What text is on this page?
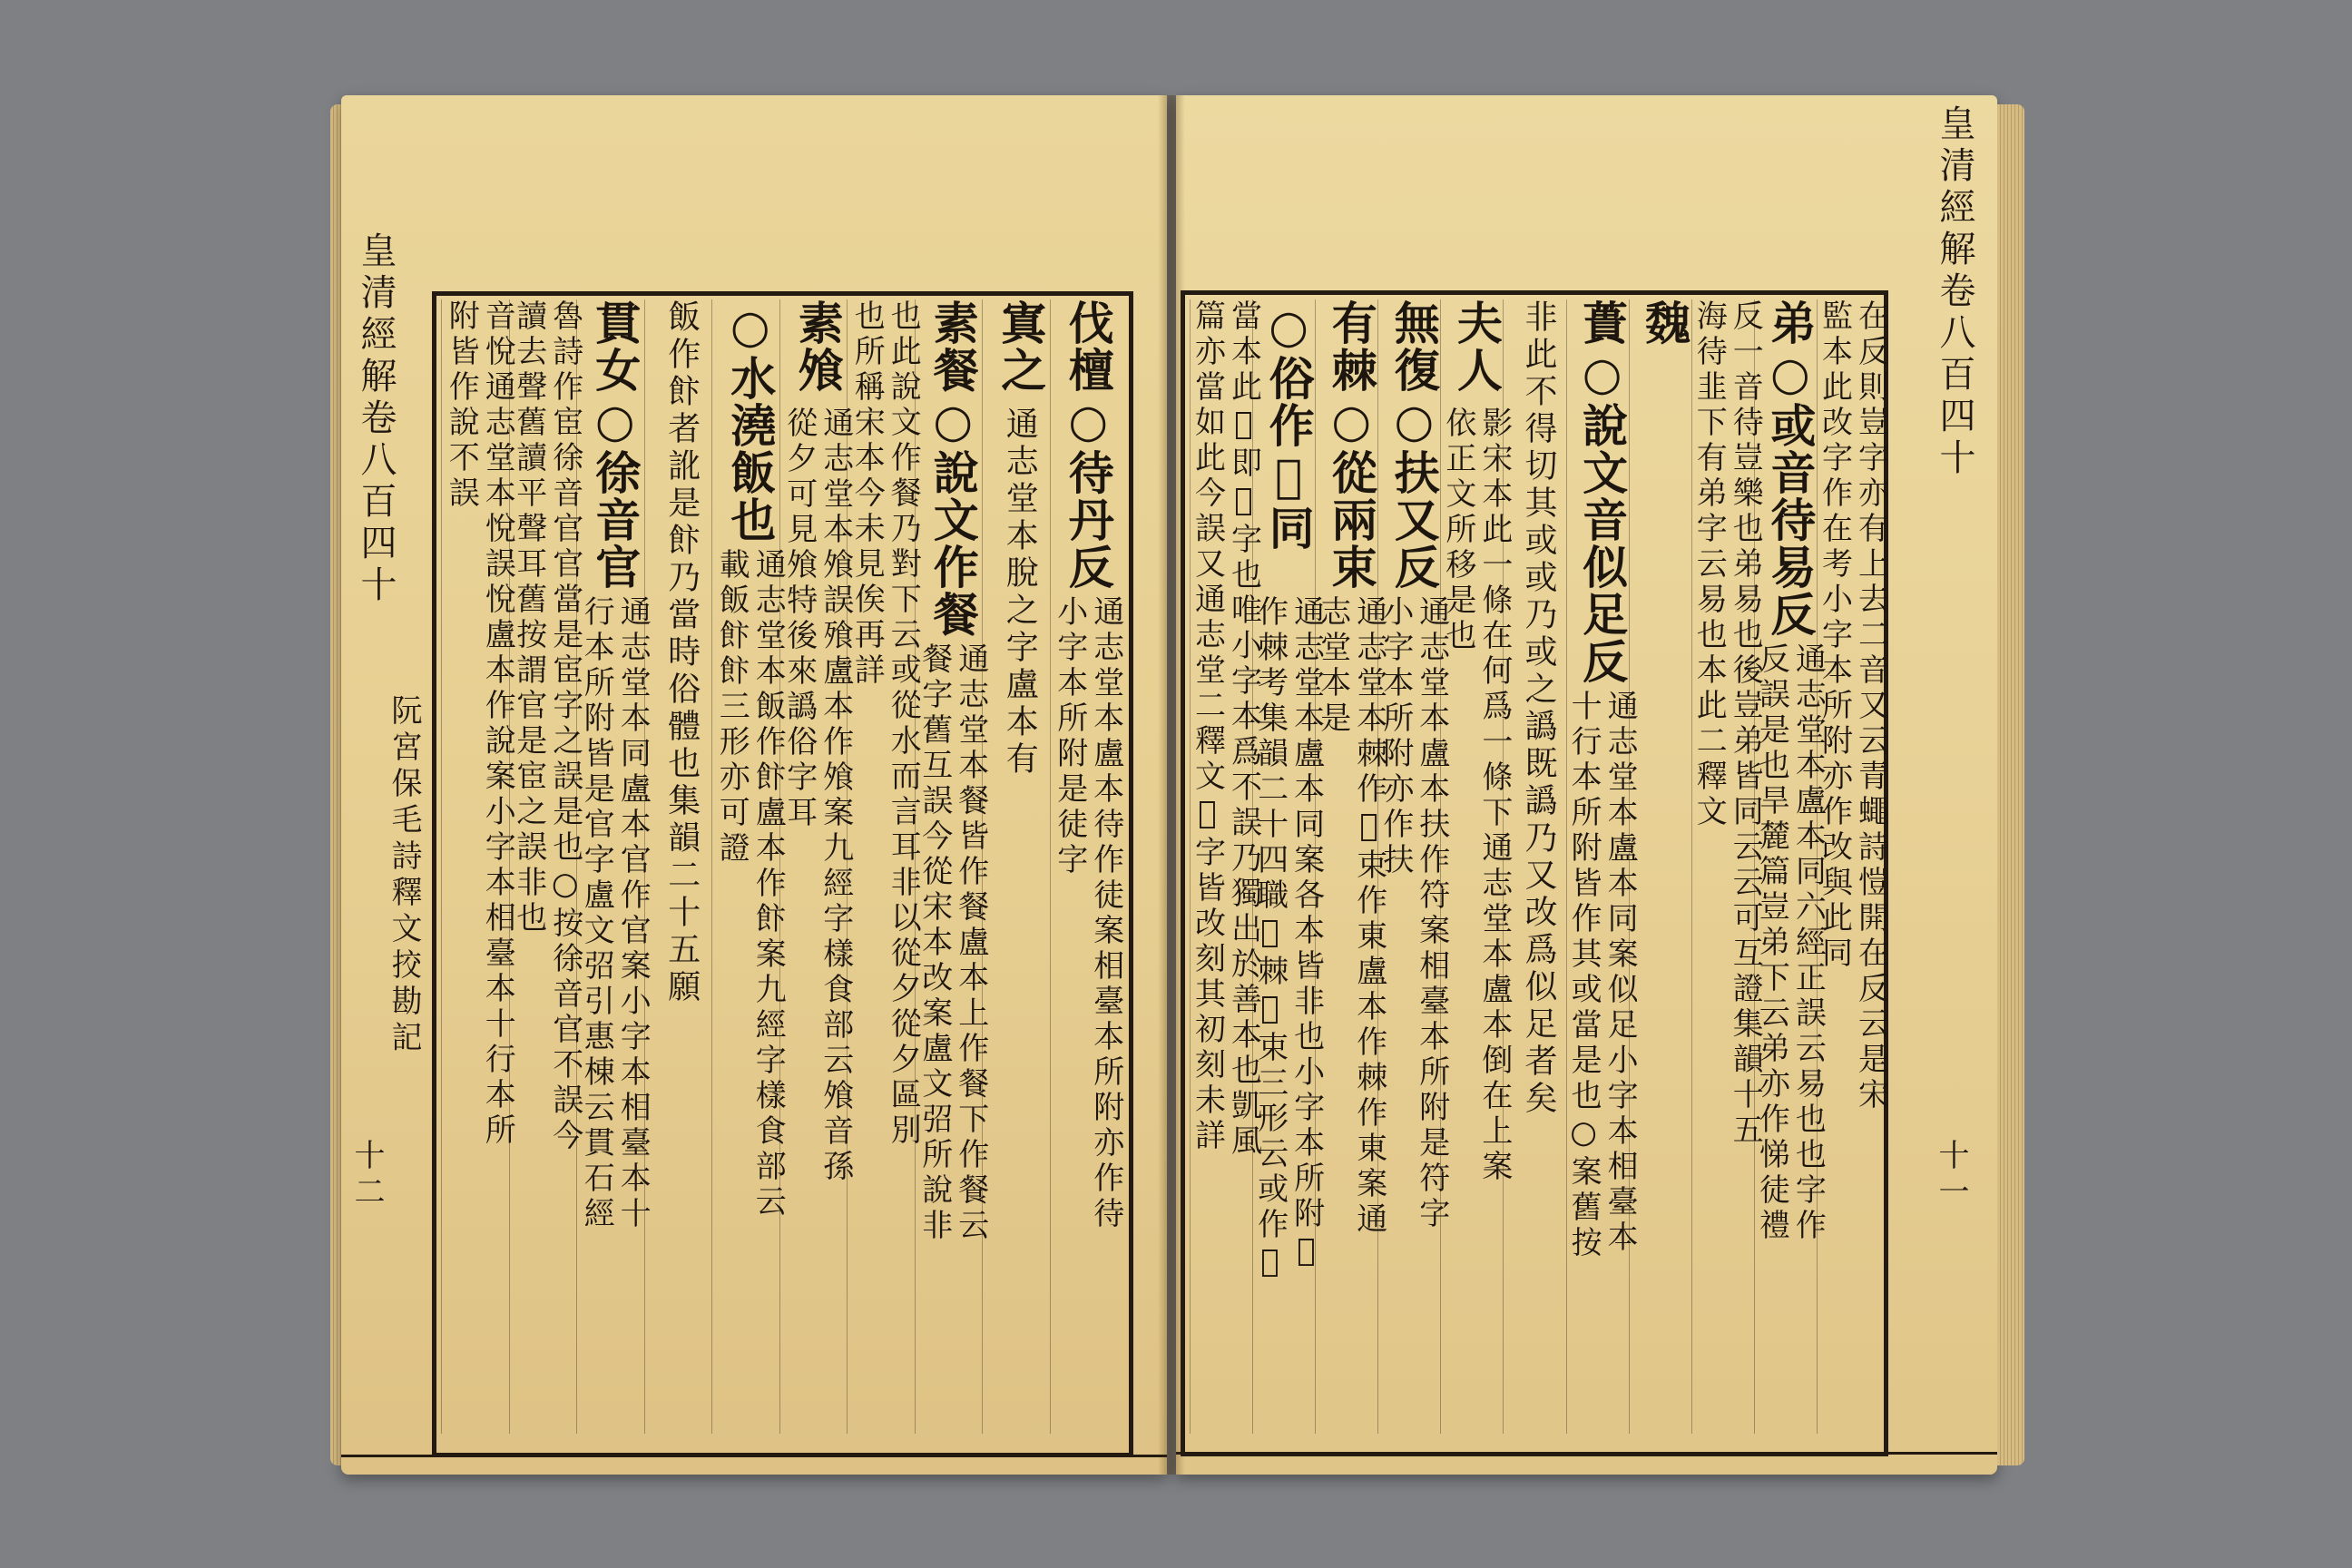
皇清經解卷八百四十
阮宮保毛詩釋文挍勘記
十二
皇清經解卷八百四十
十一
伐檀○待丹反
通志堂本盧本待作徒案相臺本所附亦作待
小字本所附是徒字
寘之
通志堂本脫之字盧本有
素餐○說文作餐
通志堂本餐皆作餐盧本上作餐下作餐云
餐字舊互誤今從宋本改案盧文弨所說非
也此說文作餐乃對下云或從水而言耳非以從夕從夕區別
也所稱宋本今未見俟再詳
素飧
通志堂本飧誤飱盧本作飧案九經字樣食部云飧音孫
從夕可見飧特後來譌俗字耳
○水澆飯也
通志堂本飯作飰盧本作飰案九經字樣食部云
載飯飰飰三形亦可證
飯作飰者訛是飰乃當時俗體也集韻二十五願
貫女○徐音官
通志堂本同盧本官作官案小字本相臺本十
行本所附皆是官字盧文弨引惠棟云貫石經
魯詩作宦徐音官官當是宦字之誤是也○按徐音官不誤今
讀去聲舊讀平聲耳舊按謂官是宦之誤非也
音悅通志堂本悅誤悅盧本作說案小字本相臺本十行本所
附皆作說不誤	在反則豈字亦有上去二音又云青蠅詩愷開在反云是宋
監本此改字作在考小字本所附亦作改與此同
弟○或音待易反
通志堂本盧本同六經正誤云易也也字作
反誤是也旱麓篇豈弟下云弟亦作悌徒禮
反一音待豈樂也弟易也後豈弟皆同云云可互證集韻十五
海待韭下有弟字云易也本此二釋文
魏
蕢○說文音似足反
通志堂本盧本同案似足小字本相臺本
十行本所附皆作其或當是也○案舊按
非此不得切其或或乃或之譌既譌乃又改爲似足者矣
夫人
影宋本此一條在何爲一條下通志堂本盧本倒在上案
依正文所移是也
無復○扶又反
通志堂本盧本扶作符案相臺本所附是符字
小字本所附亦作扶
有棘○從兩束
通志堂本棘作𣗥束作東盧本作棘作東案通
志堂本是
○俗作𣗥同
通志堂本盧本同案各本皆非也小字本所附𣗥
作棘考集韻二十四職𣗥棘𣗥束三形云或作𣗥
當本此𣗥即𣗥字也唯小字本爲不誤乃獨出於善本也凱風
篇亦當如此今誤又通志堂二釋文𣗥字皆改刻其初刻未詳
